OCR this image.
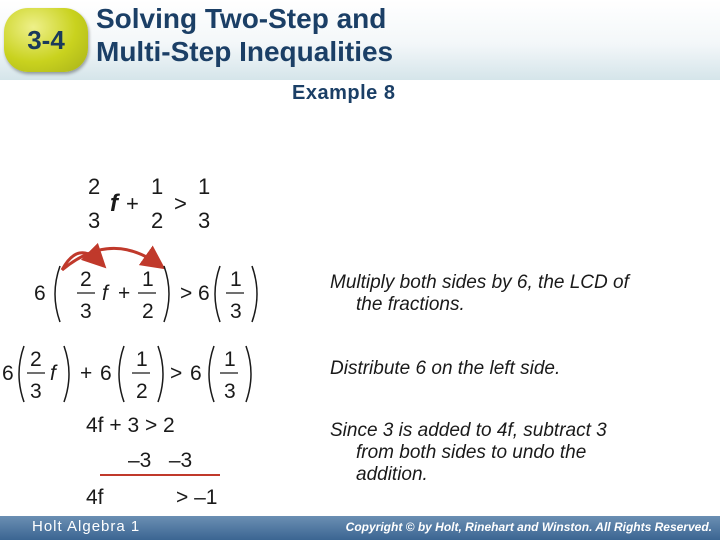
3-4
Solving Two-Step and
Multi-Step Inequalities
Example 8
2
3
f +
1
2
>
1
3
6
2
3
f +
1
2
> 6
1
3
6
2
3
f + 6
1
2
> 6
1
3
4f + 3 > 2
–3   –3
4f	> –1
Multiply both sides by 6, the LCD of
the fractions.
Distribute 6 on the left side.
Since 3 is added to 4f, subtract 3
from both sides to undo the
addition.
Holt Algebra 1	Copyright © by Holt, Rinehart and Winston. All Rights Reserved.
